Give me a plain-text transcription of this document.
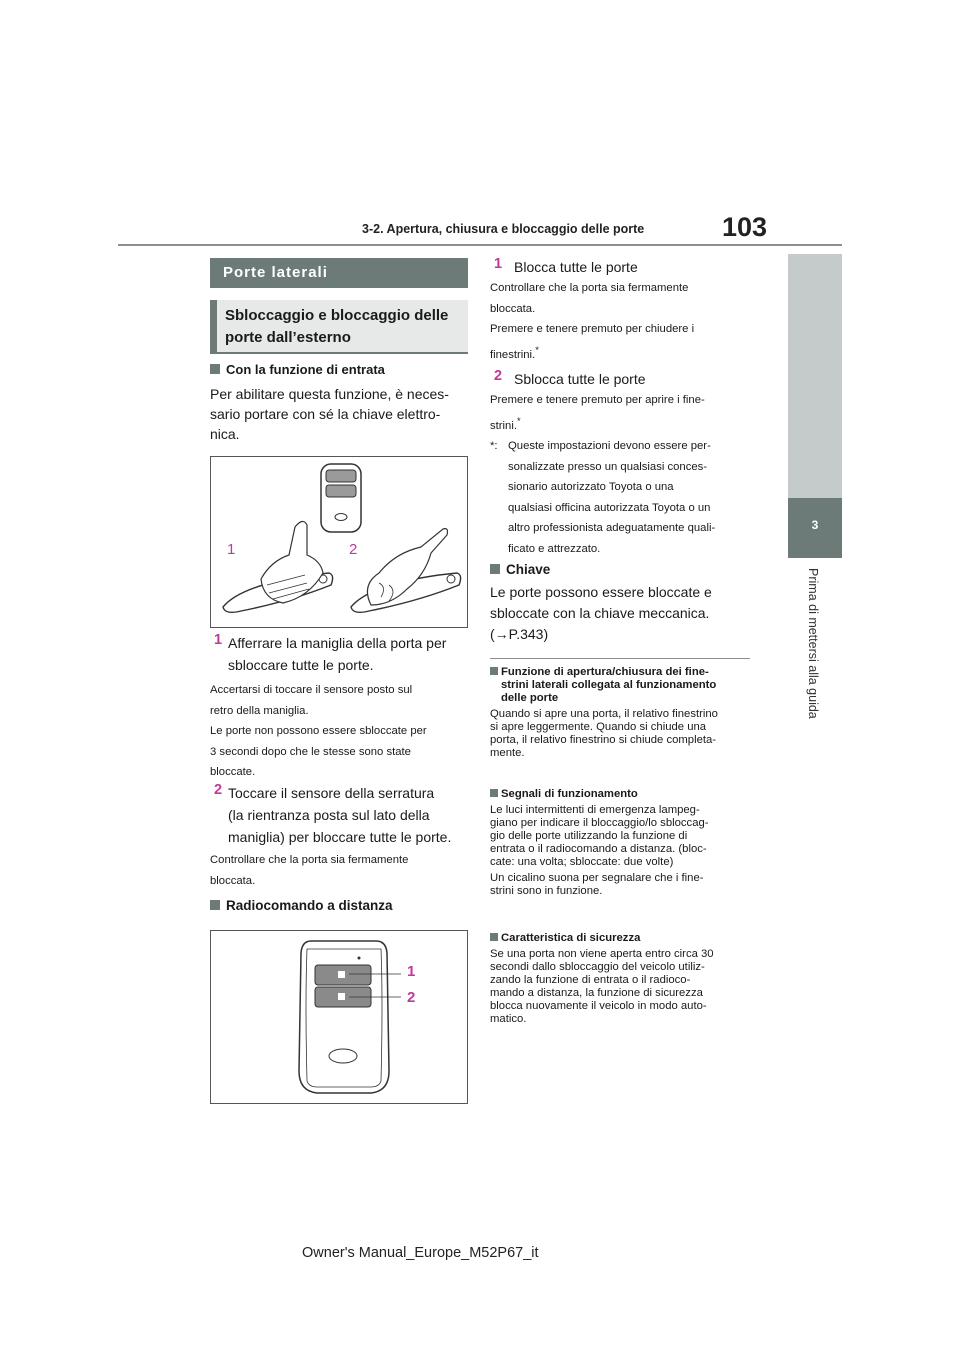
3-2. Apertura, chiusura e bloccaggio delle porte	103
3
Prima di mettersi alla guida
Porte laterali
Sbloccaggio e bloccaggio delle porte dall’esterno
Con la funzione di entrata
Per abilitare questa funzione, è neces-
sario portare con sé la chiave elettro-
nica.
1	2
1 Afferrare la maniglia della porta per
sbloccare tutte le porte.
Accertarsi di toccare il sensore posto sul
retro della maniglia.
Le porte non possono essere sbloccate per
3 secondi dopo che le stesse sono state
bloccate.
2 Toccare il sensore della serratura
(la rientranza posta sul lato della
maniglia) per bloccare tutte le porte.
Controllare che la porta sia fermamente
bloccata.
Radiocomando a distanza
1
2
1 Blocca tutte le porte
Controllare che la porta sia fermamente
bloccata.
Premere e tenere premuto per chiudere i
finestrini.*
2 Sblocca tutte le porte
Premere e tenere premuto per aprire i fine-
strini.*
*: Queste impostazioni devono essere per-
sonalizzate presso un qualsiasi conces-
sionario autorizzato Toyota o una
qualsiasi officina autorizzata Toyota o un
altro professionista adeguatamente quali-
ficato e attrezzato.
Chiave
Le porte possono essere bloccate e
sbloccate con la chiave meccanica.
(→P.343)
Funzione di apertura/chiusura dei fine-
strini laterali collegata al funzionamento
delle porte
Quando si apre una porta, il relativo finestrino
si apre leggermente. Quando si chiude una
porta, il relativo finestrino si chiude completa-
mente.
Segnali di funzionamento
Le luci intermittenti di emergenza lampeg-
giano per indicare il bloccaggio/lo sbloccag-
gio delle porte utilizzando la funzione di
entrata o il radiocomando a distanza. (bloc-
cate: una volta; sbloccate: due volte)
Un cicalino suona per segnalare che i fine-
strini sono in funzione.
Caratteristica di sicurezza
Se una porta non viene aperta entro circa 30
secondi dallo sbloccaggio del veicolo utiliz-
zando la funzione di entrata o il radioco-
mando a distanza, la funzione di sicurezza
blocca nuovamente il veicolo in modo auto-
matico.
Owner's Manual_Europe_M52P67_it
